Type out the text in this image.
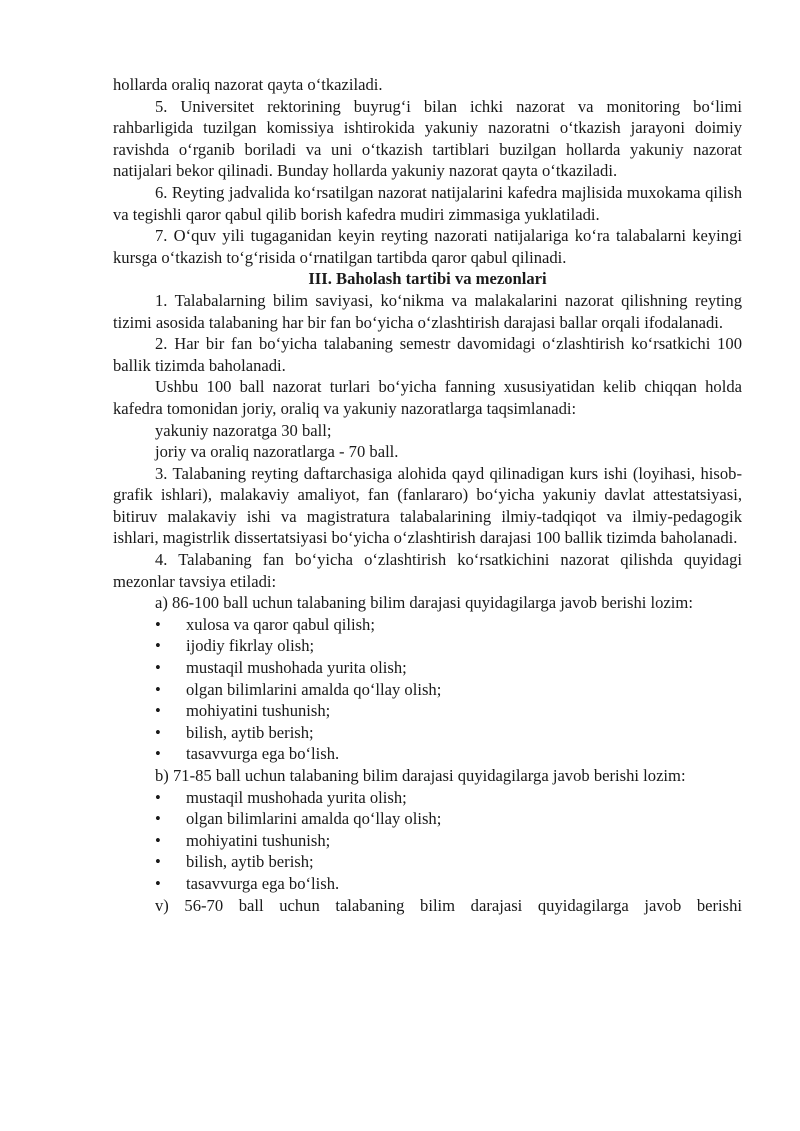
hollarda oraliq nazorat qayta o‘tkaziladi.

5. Universitet rektorining buyrug‘i bilan ichki nazorat va monitoring bo‘limi rahbarligida tuzilgan komissiya ishtirokida yakuniy nazoratni o‘tkazish jarayoni doimiy ravishda o‘rganib boriladi va uni o‘tkazish tartiblari buzilgan hollarda yakuniy nazorat natijalari bekor qilinadi. Bunday hollarda yakuniy nazorat qayta o‘tkaziladi.

6. Reyting jadvalida ko‘rsatilgan nazorat natijalarini kafedra majlisida muxokama qilish va tegishli qaror qabul qilib borish kafedra mudiri zimmasiga yuklatiladi.

7. O‘quv yili tugaganidan keyin reyting nazorati natijalariga ko‘ra talabalarni keyingi kursga o‘tkazish to‘g‘risida o‘rnatilgan tartibda qaror qabul qilinadi.

III. Baholash tartibi va mezonlari

1. Talabalarning bilim saviyasi, ko‘nikma va malakalarini nazorat qilishning reyting tizimi asosida talabaning har bir fan bo‘yicha o‘zlashtirish darajasi ballar orqali ifodalanadi.

2. Har bir fan bo‘yicha talabaning semestr davomidagi o‘zlashtirish ko‘rsatkichi 100 ballik tizimda baholanadi.

Ushbu 100 ball nazorat turlari bo‘yicha fanning xususiyatidan kelib chiqqan holda kafedra tomonidan joriy, oraliq va yakuniy nazoratlarga taqsimlanadi:

yakuniy nazoratga 30 ball;

joriy va oraliq nazoratlarga - 70 ball.

3. Talabaning reyting daftarchasiga alohida qayd qilinadigan kurs ishi (loyihasi, hisob-grafik ishlari), malakaviy amaliyot, fan (fanlararo) bo‘yicha yakuniy davlat attestatsiyasi, bitiruv malakaviy ishi va magistratura talabalarining ilmiy-tadqiqot va ilmiy-pedagogik ishlari, magistrlik dissertatsiyasi bo‘yicha o‘zlashtirish darajasi 100 ballik tizimda baholanadi.

4. Talabaning fan bo‘yicha o‘zlashtirish ko‘rsatkichini nazorat qilishda quyidagi mezonlar tavsiya etiladi:

a) 86-100 ball uchun talabaning bilim darajasi quyidagilarga javob berishi lozim:

• xulosa va qaror qabul qilish;
• ijodiy fikrlay olish;
• mustaqil mushohada yurita olish;
• olgan bilimlarini amalda qo‘llay olish;
• mohiyatini tushunish;
• bilish, aytib berish;
• tasavvurga ega bo‘lish.

b) 71-85 ball uchun talabaning bilim darajasi quyidagilarga javob berishi lozim:

• mustaqil mushohada yurita olish;
• olgan bilimlarini amalda qo‘llay olish;
• mohiyatini tushunish;
• bilish, aytib berish;
• tasavvurga ega bo‘lish.

v) 56-70 ball uchun talabaning bilim darajasi quyidagilarga javob berishi
